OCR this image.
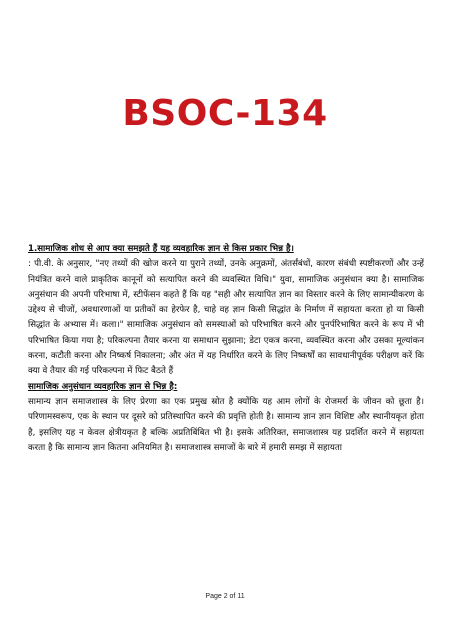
BSOC-134
1.सामाजिक शोध से आप क्या समझते हैं यह व्यवहारिक ज्ञान से किस प्रकार भिन्न है।
: पी.वी. के अनुसार, "नए तथ्यों की खोज करने या पुराने तथ्यों, उनके अनुक्रमों, अंतर्संबंधों, कारण संबंधी स्पष्टीकरणों और उन्हें नियंत्रित करने वाले प्राकृतिक कानूनों को सत्यापित करने की व्यवस्थित विधि।" युवा, सामाजिक अनुसंधान क्या है। सामाजिक अनुसंधान की अपनी परिभाषा में, स्टीफेंसन कहते हैं कि यह "सही और सत्यापित ज्ञान का विस्तार करने के लिए सामान्यीकरण के उद्देश्य से चीजों, अवधारणाओं या प्रतीकों का हेरफेर है, चाहे वह ज्ञान किसी सिद्धांत के निर्माण में सहायता करता हो या किसी सिद्धांत के अभ्यास में। कला।" सामाजिक अनुसंधान को समस्याओं को परिभाषित करने और पुनर्परिभाषित करने के रूप में भी परिभाषित किया गया है; परिकल्पना तैयार करना या समाधान सुझाना; डेटा एकत्र करना, व्यवस्थित करना और उसका मूल्यांकन करना, कटौती करना और निष्कर्ष निकालना; और अंत में यह निर्धारित करने के लिए निष्कर्षों का सावधानीपूर्वक परीक्षण करें कि क्या वे तैयार की गई परिकल्पना में फिट बैठते हैं
सामाजिक अनुसंधान व्यवहारिक ज्ञान से भिन्न है:
सामान्य ज्ञान समाजशास्त्र के लिए प्रेरणा का एक प्रमुख स्रोत है क्योंकि यह आम लोगों के रोजमर्रा के जीवन को छूता है। परिणामस्वरूप, एक के स्थान पर दूसरे को प्रतिस्थापित करने की प्रवृत्ति होती है। सामान्य ज्ञान ज्ञान विशिष्ट और स्थानीयकृत होता है, इसलिए यह न केवल क्षेत्रीयकृत है बल्कि अप्रतिबिंबित भी है। इसके अतिरिक्त, समाजशास्त्र यह प्रदर्शित करने में सहायता करता है कि सामान्य ज्ञान कितना अनियमित है। समाजशास्त्र समाजों के बारे में हमारी समझ में सहायता
Page 2 of 11
